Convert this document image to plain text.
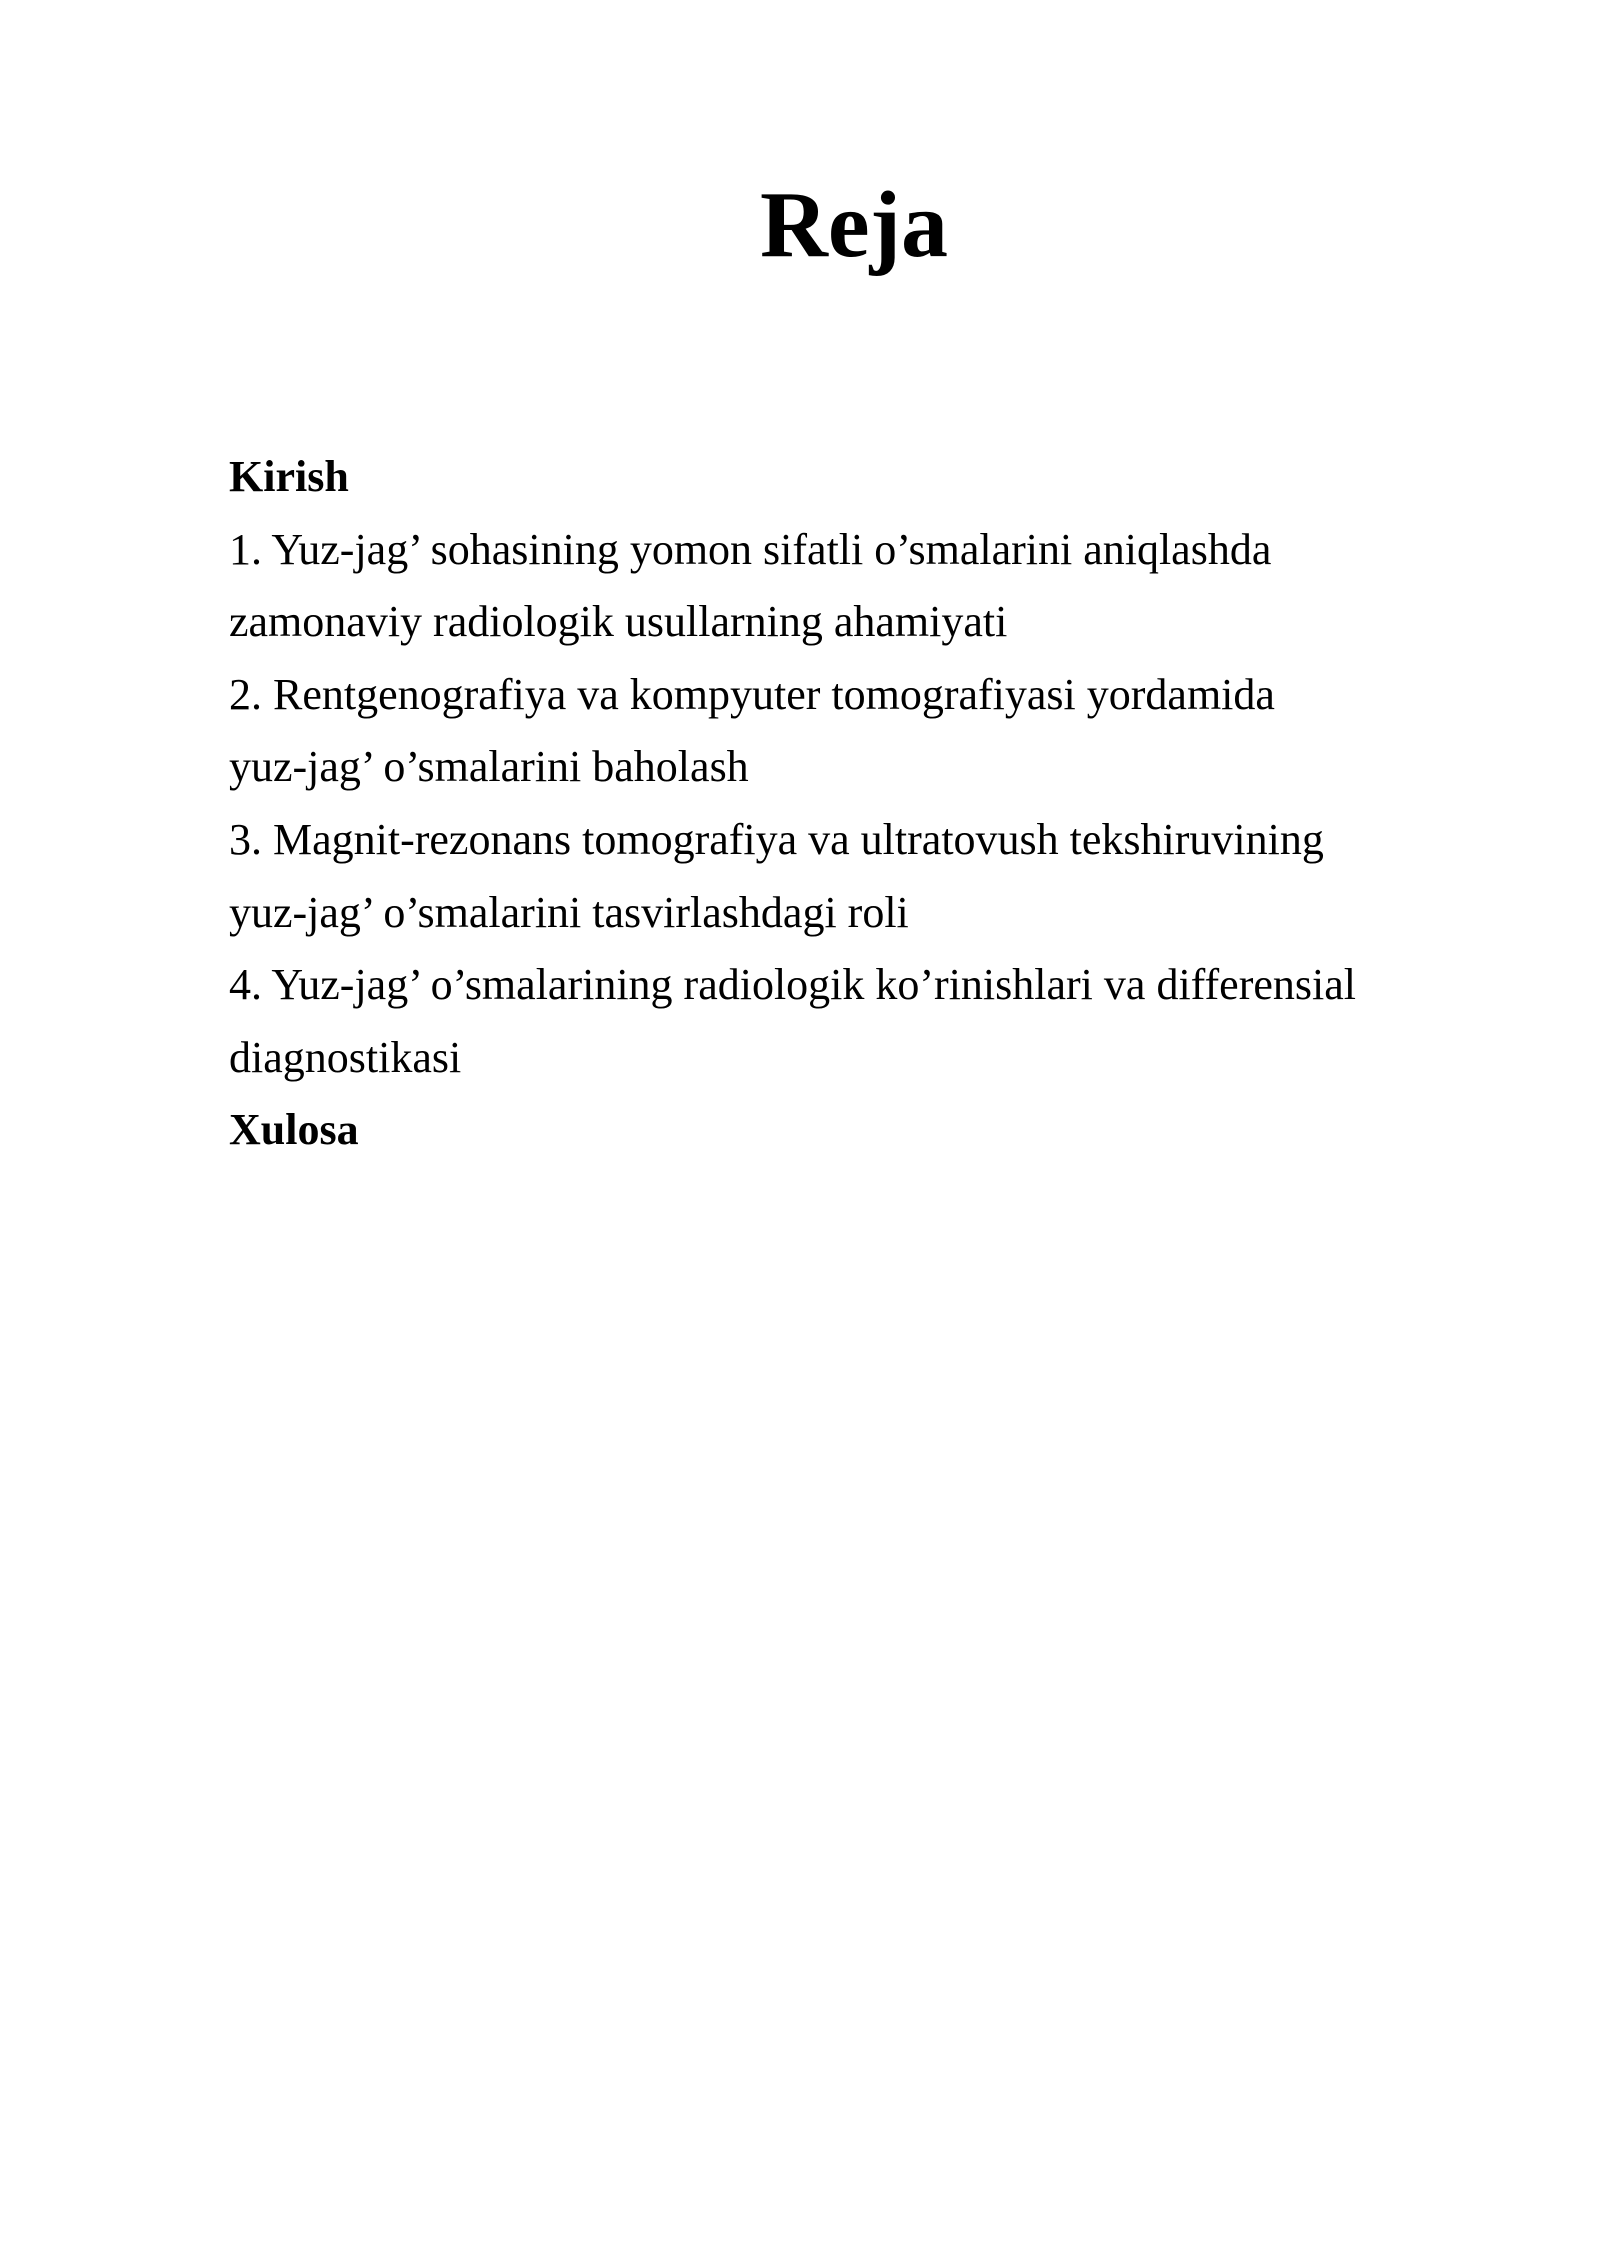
Reja
Kirish
1. Yuz-jag’ sohasining yomon sifatli o’smalarini aniqlashda
zamonaviy radiologik usullarning ahamiyati
2. Rentgenografiya va kompyuter tomografiyasi yordamida
yuz-jag’ o’smalarini baholash
3. Magnit-rezonans tomografiya va ultratovush tekshiruvining
yuz-jag’ o’smalarini tasvirlashdagi roli
4. Yuz-jag’ o’smalarining radiologik ko’rinishlari va differensial
diagnostikasi
Xulosa
